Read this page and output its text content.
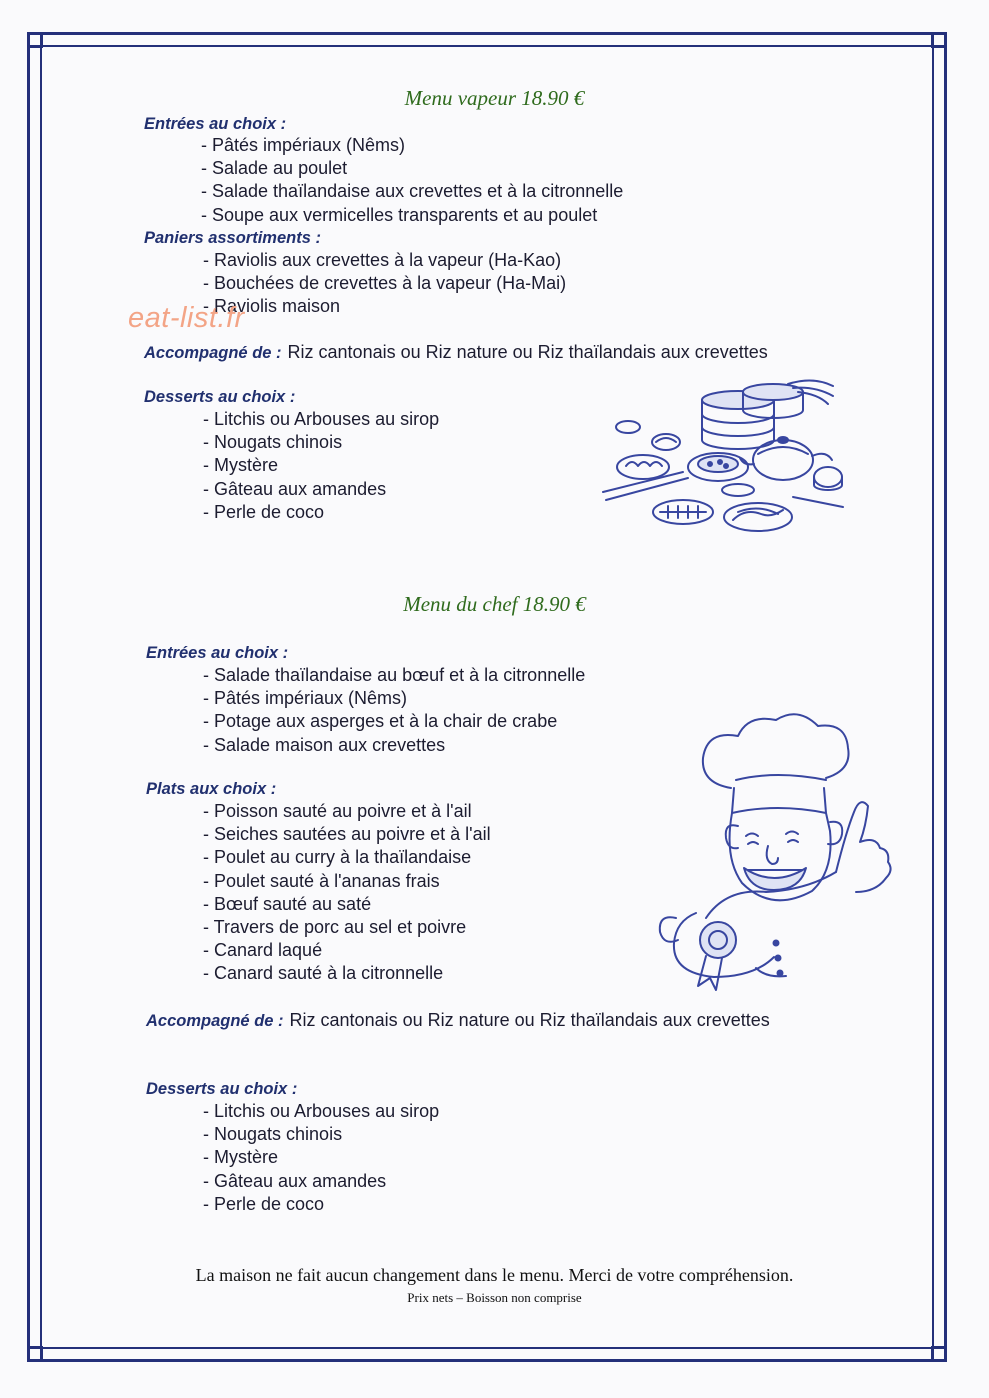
Menu vapeur 18.90 €
Entrées au choix :
- Pâtés impériaux (Nêms)
- Salade au poulet
- Salade thaïlandaise aux crevettes et à la citronnelle
- Soupe aux vermicelles transparents et au poulet
Paniers assortiments :
- Raviolis aux crevettes à la vapeur (Ha-Kao)
- Bouchées de crevettes à la vapeur (Ha-Mai)
- Raviolis maison
eat-list.fr
Accompagné de : Riz cantonais ou Riz nature ou Riz thaïlandais aux crevettes
Desserts au choix :
- Litchis ou Arbouses au sirop
- Nougats chinois
- Mystère
- Gâteau aux amandes
- Perle de coco
Menu du chef 18.90 €
Entrées au choix :
- Salade thaïlandaise au bœuf et à la citronnelle
- Pâtés impériaux (Nêms)
- Potage aux asperges et à la chair de crabe
- Salade maison aux crevettes
Plats aux choix :
- Poisson sauté au poivre et à l'ail
- Seiches sautées au poivre et à l'ail
- Poulet au curry à la thaïlandaise
- Poulet sauté à l'ananas frais
- Bœuf sauté au saté
- Travers de porc au sel et poivre
- Canard laqué
- Canard sauté à la citronnelle
Accompagné de : Riz cantonais ou Riz nature ou Riz thaïlandais aux crevettes
Desserts au choix :
- Litchis ou Arbouses au sirop
- Nougats chinois
- Mystère
- Gâteau aux amandes
- Perle de coco
La maison ne fait aucun changement dans le menu. Merci de votre compréhension.
Prix nets – Boisson non comprise
